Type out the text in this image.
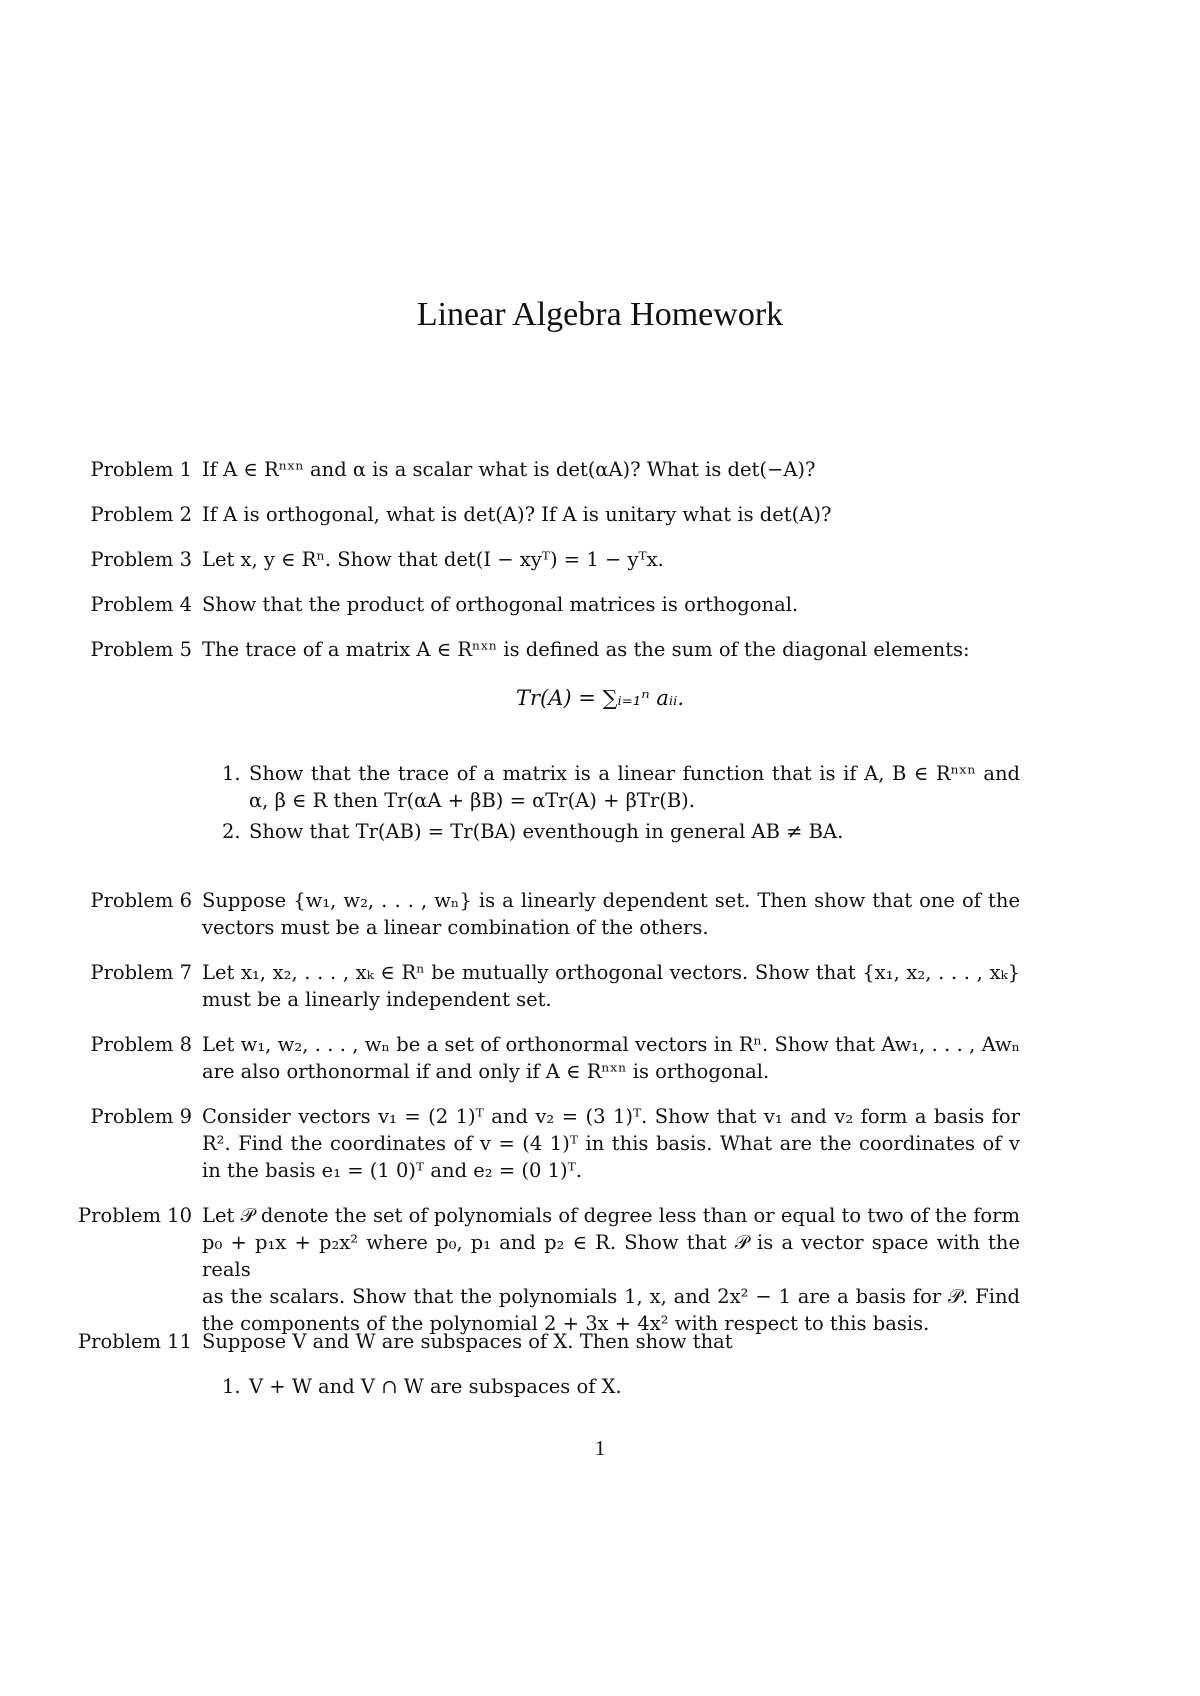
Linear Algebra Homework
Problem 1 If A ∈ Rⁿˣⁿ and α is a scalar what is det(αA)? What is det(−A)?
Problem 2 If A is orthogonal, what is det(A)? If A is unitary what is det(A)?
Problem 3 Let x, y ∈ Rⁿ. Show that det(I − xyᵀ) = 1 − yᵀx.
Problem 4 Show that the product of orthogonal matrices is orthogonal.
Problem 5 The trace of a matrix A ∈ Rⁿˣⁿ is defined as the sum of the diagonal elements:
Tr(A) = ∑ᵢ₌₁ⁿ aᵢᵢ.
1. Show that the trace of a matrix is a linear function that is if A, B ∈ Rⁿˣⁿ and
α, β ∈ R then Tr(αA + βB) = αTr(A) + βTr(B).
2. Show that Tr(AB) = Tr(BA) eventhough in general AB ≠ BA.
Problem 6 Suppose {w₁, w₂, . . . , wₙ} is a linearly dependent set. Then show that one of the
vectors must be a linear combination of the others.
Problem 7 Let x₁, x₂, . . . , xₖ ∈ Rⁿ be mutually orthogonal vectors. Show that {x₁, x₂, . . . , xₖ}
must be a linearly independent set.
Problem 8 Let w₁, w₂, . . . , wₙ be a set of orthonormal vectors in Rⁿ. Show that Aw₁, . . . , Awₙ
are also orthonormal if and only if A ∈ Rⁿˣⁿ is orthogonal.
Problem 9 Consider vectors v₁ = (2 1)ᵀ and v₂ = (3 1)ᵀ. Show that v₁ and v₂ form a basis for
R². Find the coordinates of v = (4 1)ᵀ in this basis. What are the coordinates of v
in the basis e₁ = (1 0)ᵀ and e₂ = (0 1)ᵀ.
Problem 10 Let 𝒫 denote the set of polynomials of degree less than or equal to two of the form
p₀ + p₁x + p₂x² where p₀, p₁ and p₂ ∈ R. Show that 𝒫 is a vector space with the reals
as the scalars. Show that the polynomials 1, x, and 2x² − 1 are a basis for 𝒫. Find
the components of the polynomial 2 + 3x + 4x² with respect to this basis.
Problem 11 Suppose V and W are subspaces of X. Then show that
1. V + W and V ∩ W are subspaces of X.
1
